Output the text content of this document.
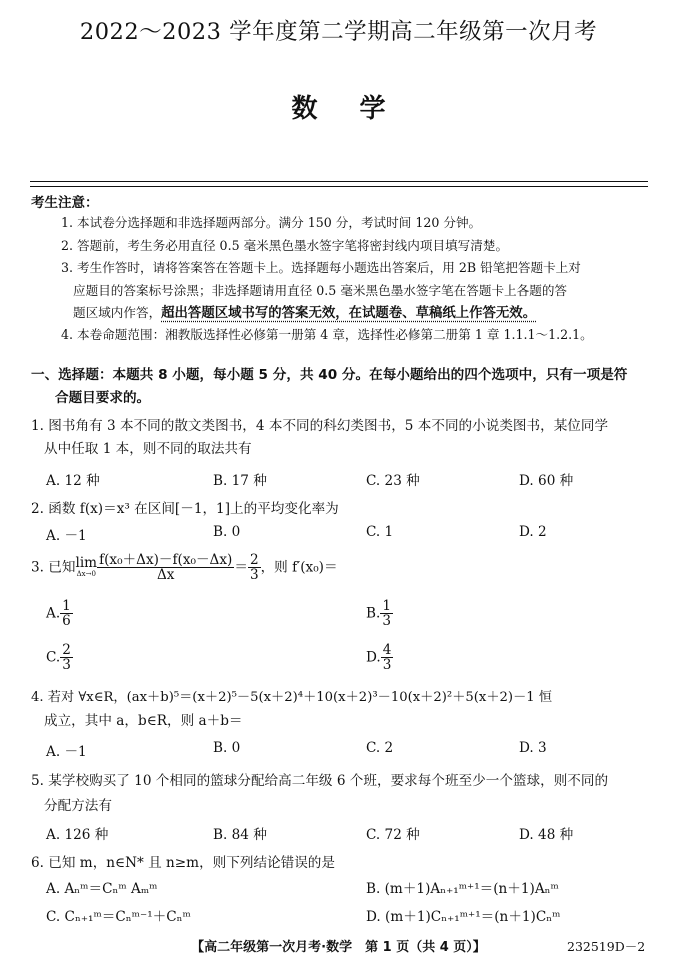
2022～2023 学年度第二学期高二年级第一次月考
数学
考生注意：
1. 本试卷分选择题和非选择题两部分。满分 150 分，考试时间 120 分钟。
2. 答题前，考生务必用直径 0.5 毫米黑色墨水签字笔将密封线内项目填写清楚。
3. 考生作答时，请将答案答在答题卡上。选择题每小题选出答案后，用 2B 铅笔把答题卡上对
应题目的答案标号涂黑；非选择题请用直径 0.5 毫米黑色墨水签字笔在答题卡上各题的答
题区域内作答，超出答题区域书写的答案无效，在试题卷、草稿纸上作答无效。
4. 本卷命题范围：湘教版选择性必修第一册第 4 章，选择性必修第二册第 1 章 1.1.1～1.2.1。
一、选择题：本题共 8 小题，每小题 5 分，共 40 分。在每小题给出的四个选项中，只有一项是符
合题目要求的。
1. 图书角有 3 本不同的散文类图书，4 本不同的科幻类图书，5 本不同的小说类图书，某位同学
从中任取 1 本，则不同的取法共有
A. 12 种	B. 17 种	C. 23 种	D. 60 种
2. 函数 f(x)＝x³ 在区间[－1，1]上的平均变化率为
A. －1	B. 0	C. 1	D. 2
3. 已知lim
$\Delta x\to 0 \frac{\text{f(x₀＋Δx)－f(x₀－Δx)}}{\Delta x} = \frac{2}{3}$ ，则 f′(x₀)＝
A. $\frac{1}{6}$	B. $\frac{1}{3}$
C. $\frac{2}{3}$	D. $\frac{4}{3}$
4. 若对 ∀x∈R，(ax＋b)⁵＝(x＋2)⁵－5(x＋2)⁴＋10(x＋2)³－10(x＋2)²＋5(x＋2)－1 恒
成立，其中 a，b∈R，则 a＋b＝
A. －1	B. 0	C. 2	D. 3
5. 某学校购买了 10 个相同的篮球分配给高二年级 6 个班，要求每个班至少一个篮球，则不同的
分配方法有
A. 126 种	B. 84 种	C. 72 种	D. 48 种
6. 已知 m，n∈N* 且 n≥m，则下列结论错误的是
A. Aₙᵐ＝Cₙᵐ Aₘᵐ	B. (m＋1)Aₙ₊₁ᵐ⁺¹＝(n＋1)Aₙᵐ
C. Cₙ₊₁ᵐ＝Cₙᵐ⁻¹＋Cₙᵐ	D. (m＋1)Cₙ₊₁ᵐ⁺¹＝(n＋1)Cₙᵐ
【高二年级第一次月考·数学　第 1 页（共 4 页）】	232519D－2
